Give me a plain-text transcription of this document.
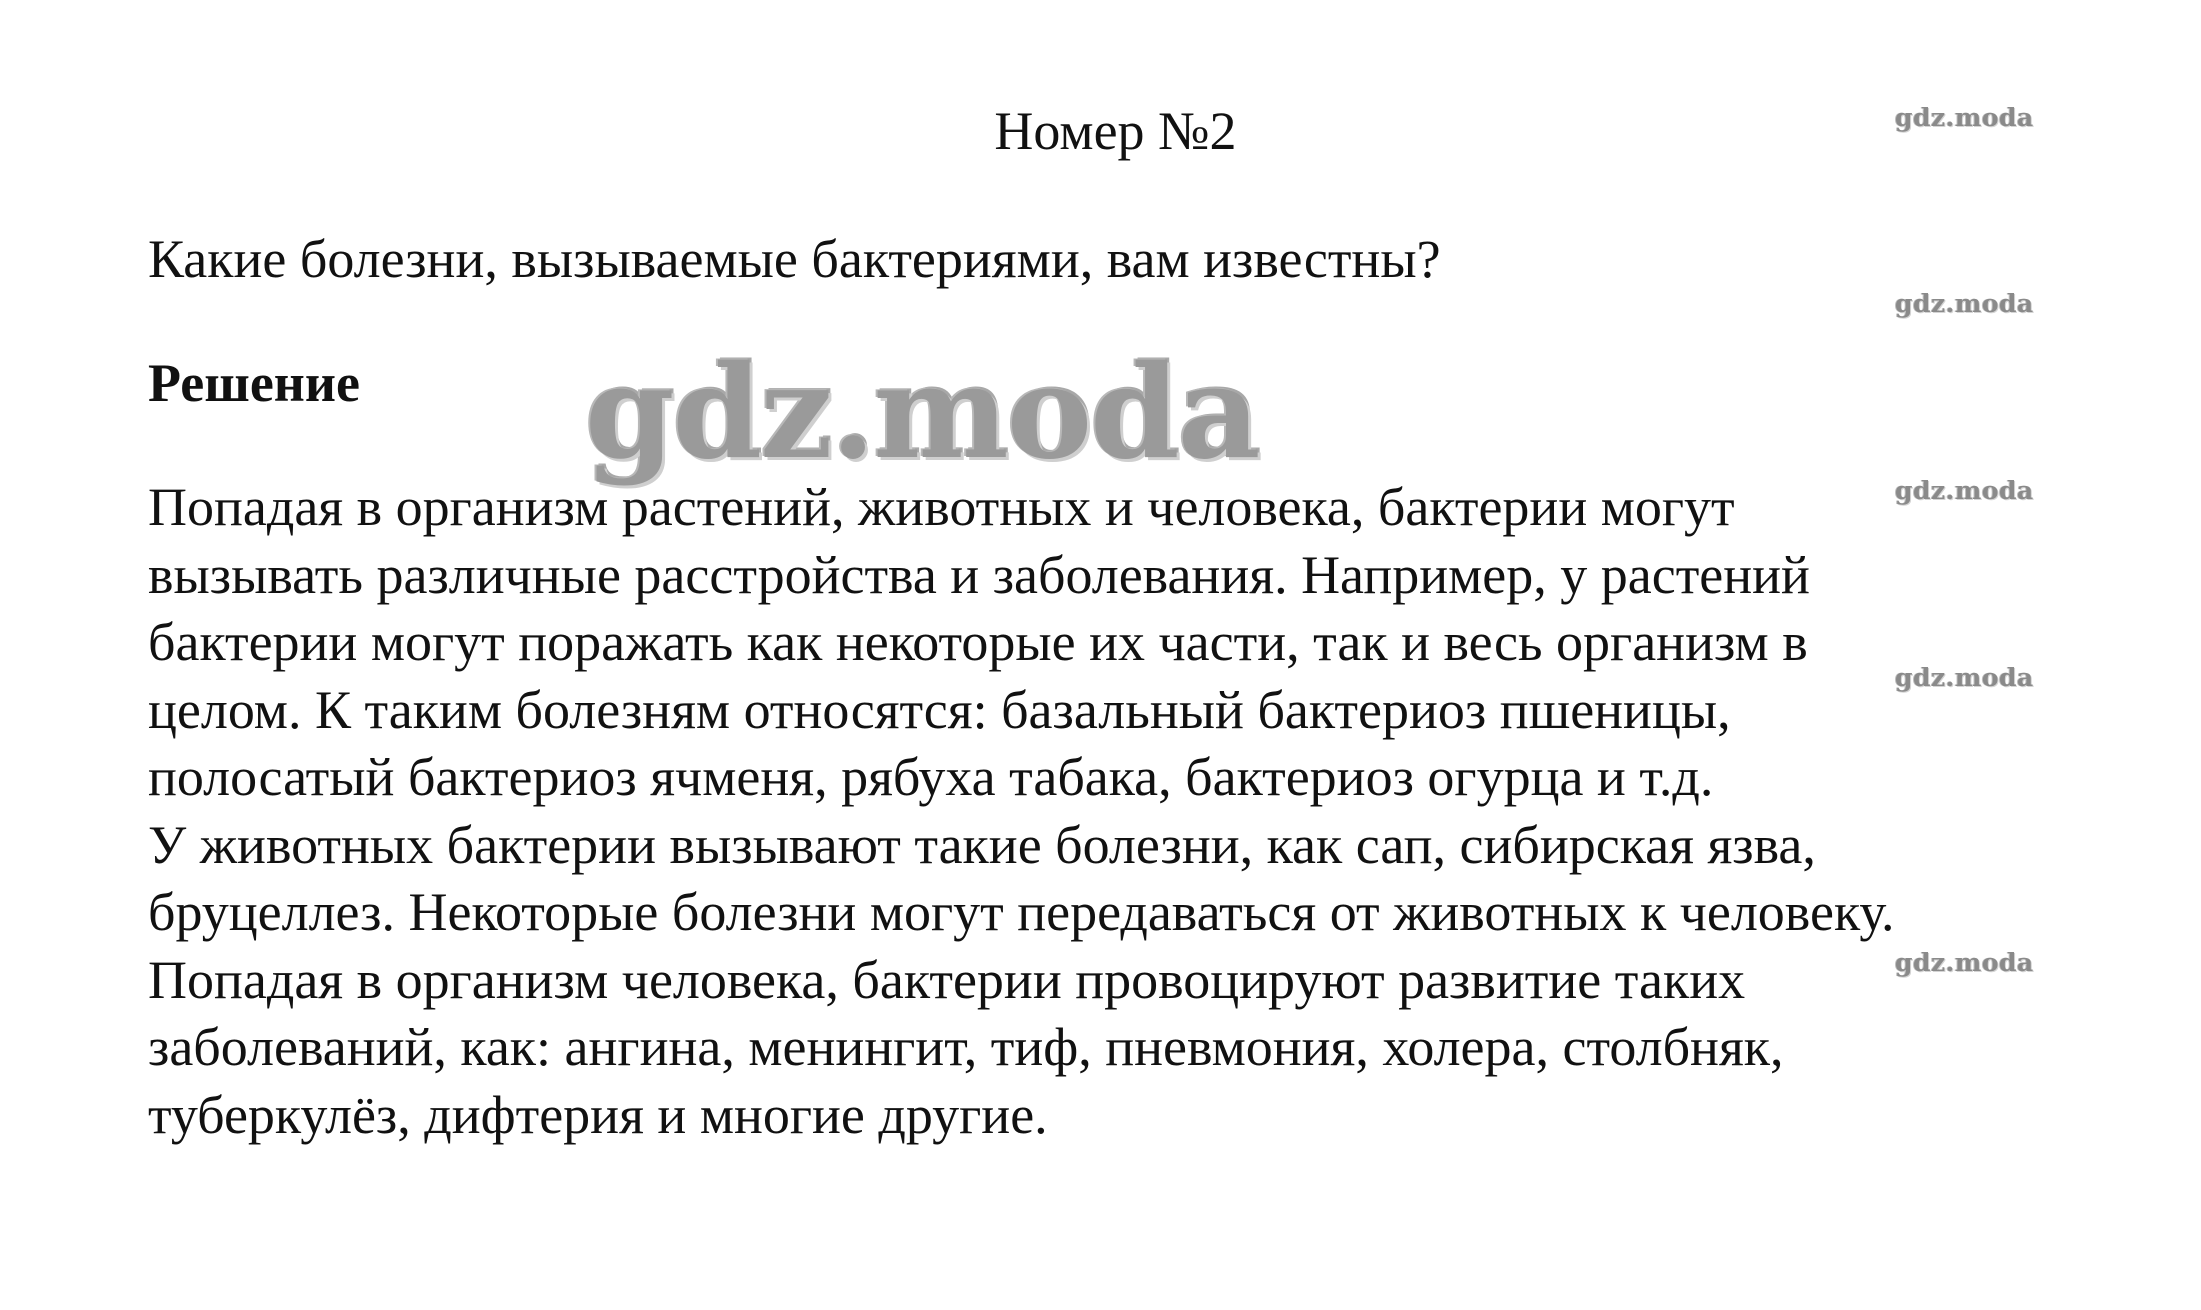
Номер №2
Какие болезни, вызываемые бактериями, вам известны?
Решение gdz.moda
Попадая в организм растений, животных и человека, бактерии могут
вызывать различные расстройства и заболевания. Например, у растений
бактерии могут поражать как некоторые их части, так и весь организм в
целом. К таким болезням относятся: базальный бактериоз пшеницы,
полосатый бактериоз ячменя, рябуха табака, бактериоз огурца и т.д.
У животных бактерии вызывают такие болезни, как сап, сибирская язва,
бруцеллез. Некоторые болезни могут передаваться от животных к человеку.
Попадая в организм человека, бактерии провоцируют развитие таких
заболеваний, как: ангина, менингит, тиф, пневмония, холера, столбняк,
туберкулёз, дифтерия и многие другие.
gdz.moda
gdz.moda
gdz.moda
gdz.moda
gdz.moda
